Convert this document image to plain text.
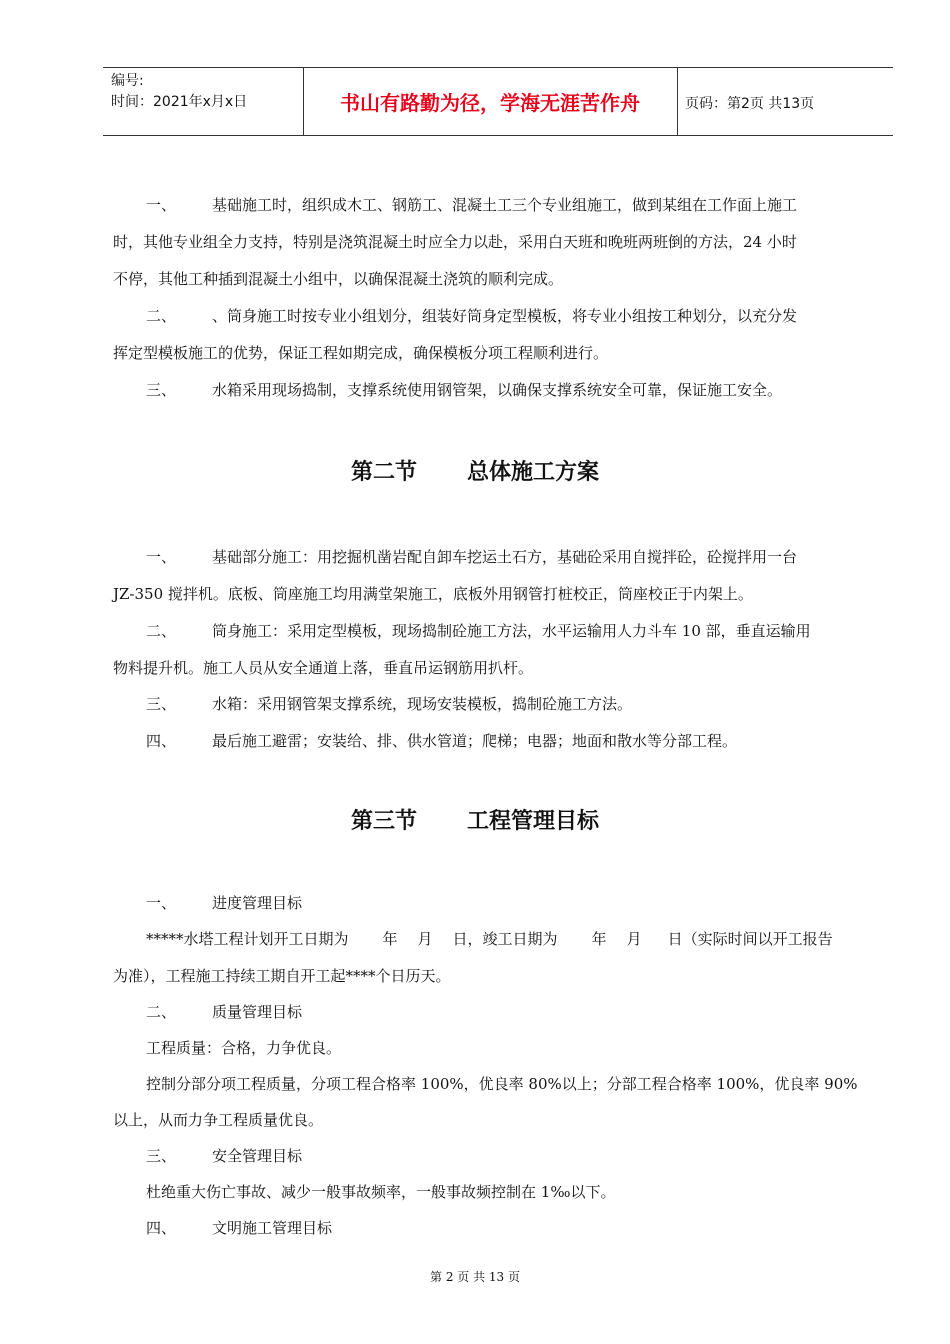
编号:
时间：2021年x月x日	书山有路勤为径，学海无涯苦作舟	页码：第2页 共13页
一、 基础施工时，组织成木工、钢筋工、混凝土工三个专业组施工，做到某组在工作面上施工
时，其他专业组全力支持，特别是浇筑混凝土时应全力以赴，采用白天班和晚班两班倒的方法，24 小时
不停，其他工种插到混凝土小组中，以确保混凝土浇筑的顺利完成。
二、 、筒身施工时按专业小组划分，组装好筒身定型模板，将专业小组按工种划分，以充分发
挥定型模板施工的优势，保证工程如期完成，确保模板分项工程顺利进行。
三、 水箱采用现场捣制，支撑系统使用钢管架，以确保支撑系统安全可靠，保证施工安全。
第二节 总体施工方案
一、 基础部分施工：用挖掘机凿岩配自卸车挖运土石方，基础砼采用自搅拌砼，砼搅拌用一台
JZ-350 搅拌机。底板、筒座施工均用满堂架施工，底板外用钢管打桩校正，筒座校正于内架上。
二、 筒身施工：采用定型模板，现场捣制砼施工方法，水平运输用人力斗车 10 部，垂直运输用
物料提升机。施工人员从安全通道上落，垂直吊运钢筋用扒杆。
三、 水箱：采用钢管架支撑系统，现场安装模板，捣制砼施工方法。
四、 最后施工避雷；安装给、排、供水管道；爬梯；电器；地面和散水等分部工程。
第三节 工程管理目标
一、 进度管理目标
*****水塔工程计划开工日期为 年 月 日，竣工日期为 年 月 日（实际时间以开工报告
为准），工程施工持续工期自开工起****个日历天。
二、 质量管理目标
工程质量：合格，力争优良。
控制分部分项工程质量，分项工程合格率 100%，优良率 80%以上；分部工程合格率 100%，优良率 90%
以上，从而力争工程质量优良。
三、 安全管理目标
杜绝重大伤亡事故、减少一般事故频率，一般事故频控制在 1‰以下。
四、 文明施工管理目标
第 2 页 共 13 页
